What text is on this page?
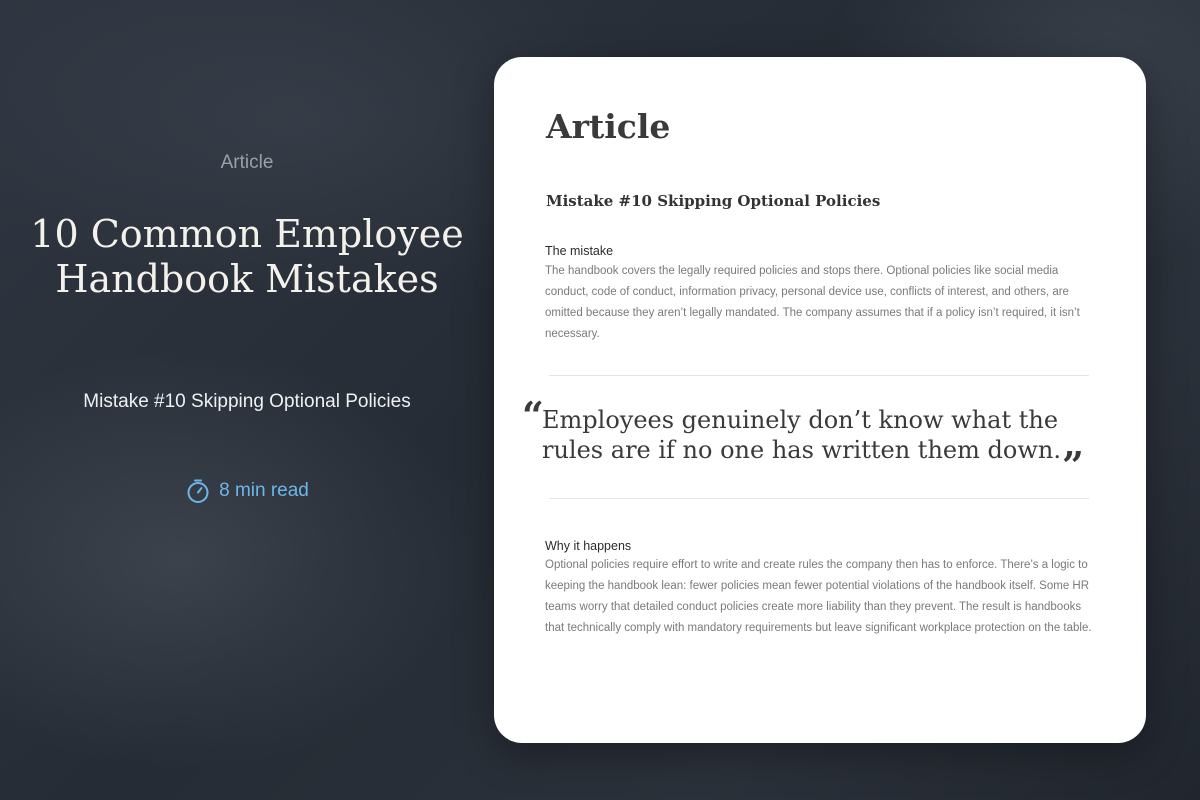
Article
10 Common Employee Handbook Mistakes
Mistake #10 Skipping Optional Policies
8 min read
Article
Mistake #10 Skipping Optional Policies
The mistake

The handbook covers the legally required policies and stops there. Optional policies like social media conduct, code of conduct, information privacy, personal device use, conflicts of interest, and others, are omitted because they aren’t legally mandated. The company assumes that if a policy isn’t required, it isn’t necessary.

“

Employees genuinely don’t know what the rules are if no one has written them down. ”
Why it happens

Optional policies require effort to write and create rules the company then has to enforce. There’s a logic to keeping the handbook lean: fewer policies mean fewer potential violations of the handbook itself. Some HR teams worry that detailed conduct policies create more liability than they prevent. The result is handbooks that technically comply with mandatory requirements but leave significant workplace protection on the table.
